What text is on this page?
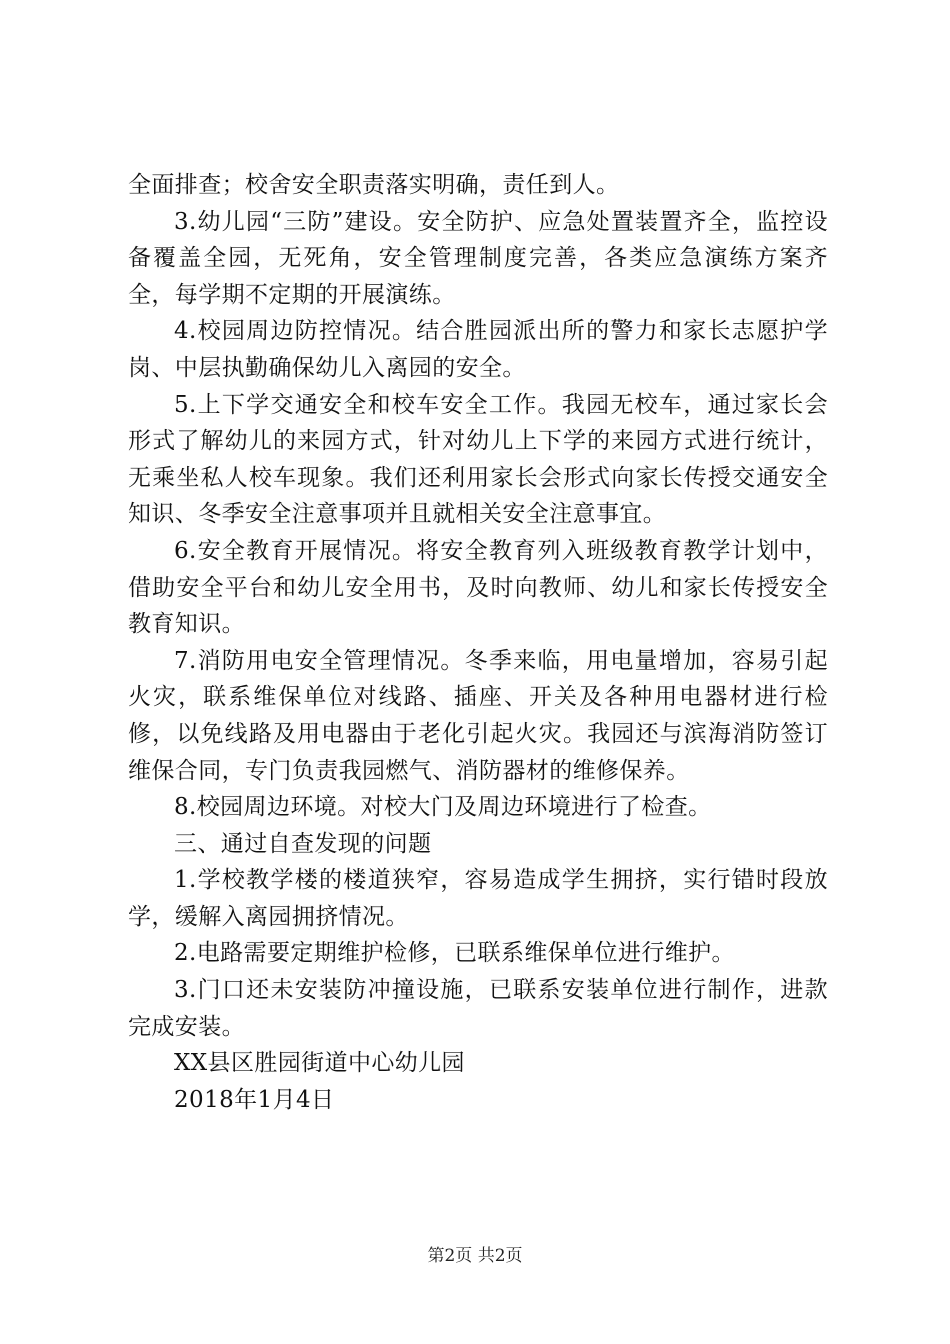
全面排查；校舍安全职责落实明确，责任到人。

3.幼儿园“三防”建设。安全防护、应急处置装置齐全，监控设备覆盖全园，无死角，安全管理制度完善，各类应急演练方案齐全，每学期不定期的开展演练。

4.校园周边防控情况。结合胜园派出所的警力和家长志愿护学岗、中层执勤确保幼儿入离园的安全。

5.上下学交通安全和校车安全工作。我园无校车，通过家长会形式了解幼儿的来园方式，针对幼儿上下学的来园方式进行统计，无乘坐私人校车现象。我们还利用家长会形式向家长传授交通安全知识、冬季安全注意事项并且就相关安全注意事宜。

6.安全教育开展情况。将安全教育列入班级教育教学计划中，借助安全平台和幼儿安全用书，及时向教师、幼儿和家长传授安全教育知识。

7.消防用电安全管理情况。冬季来临，用电量增加，容易引起火灾，联系维保单位对线路、插座、开关及各种用电器材进行检修，以免线路及用电器由于老化引起火灾。我园还与滨海消防签订维保合同，专门负责我园燃气、消防器材的维修保养。

8.校园周边环境。对校大门及周边环境进行了检查。

三、通过自查发现的问题

1.学校教学楼的楼道狭窄，容易造成学生拥挤，实行错时段放学，缓解入离园拥挤情况。

2.电路需要定期维护检修，已联系维保单位进行维护。

3.门口还未安装防冲撞设施，已联系安装单位进行制作，进款完成安装。

XX县区胜园街道中心幼儿园

2018年1月4日

第2页 共2页
